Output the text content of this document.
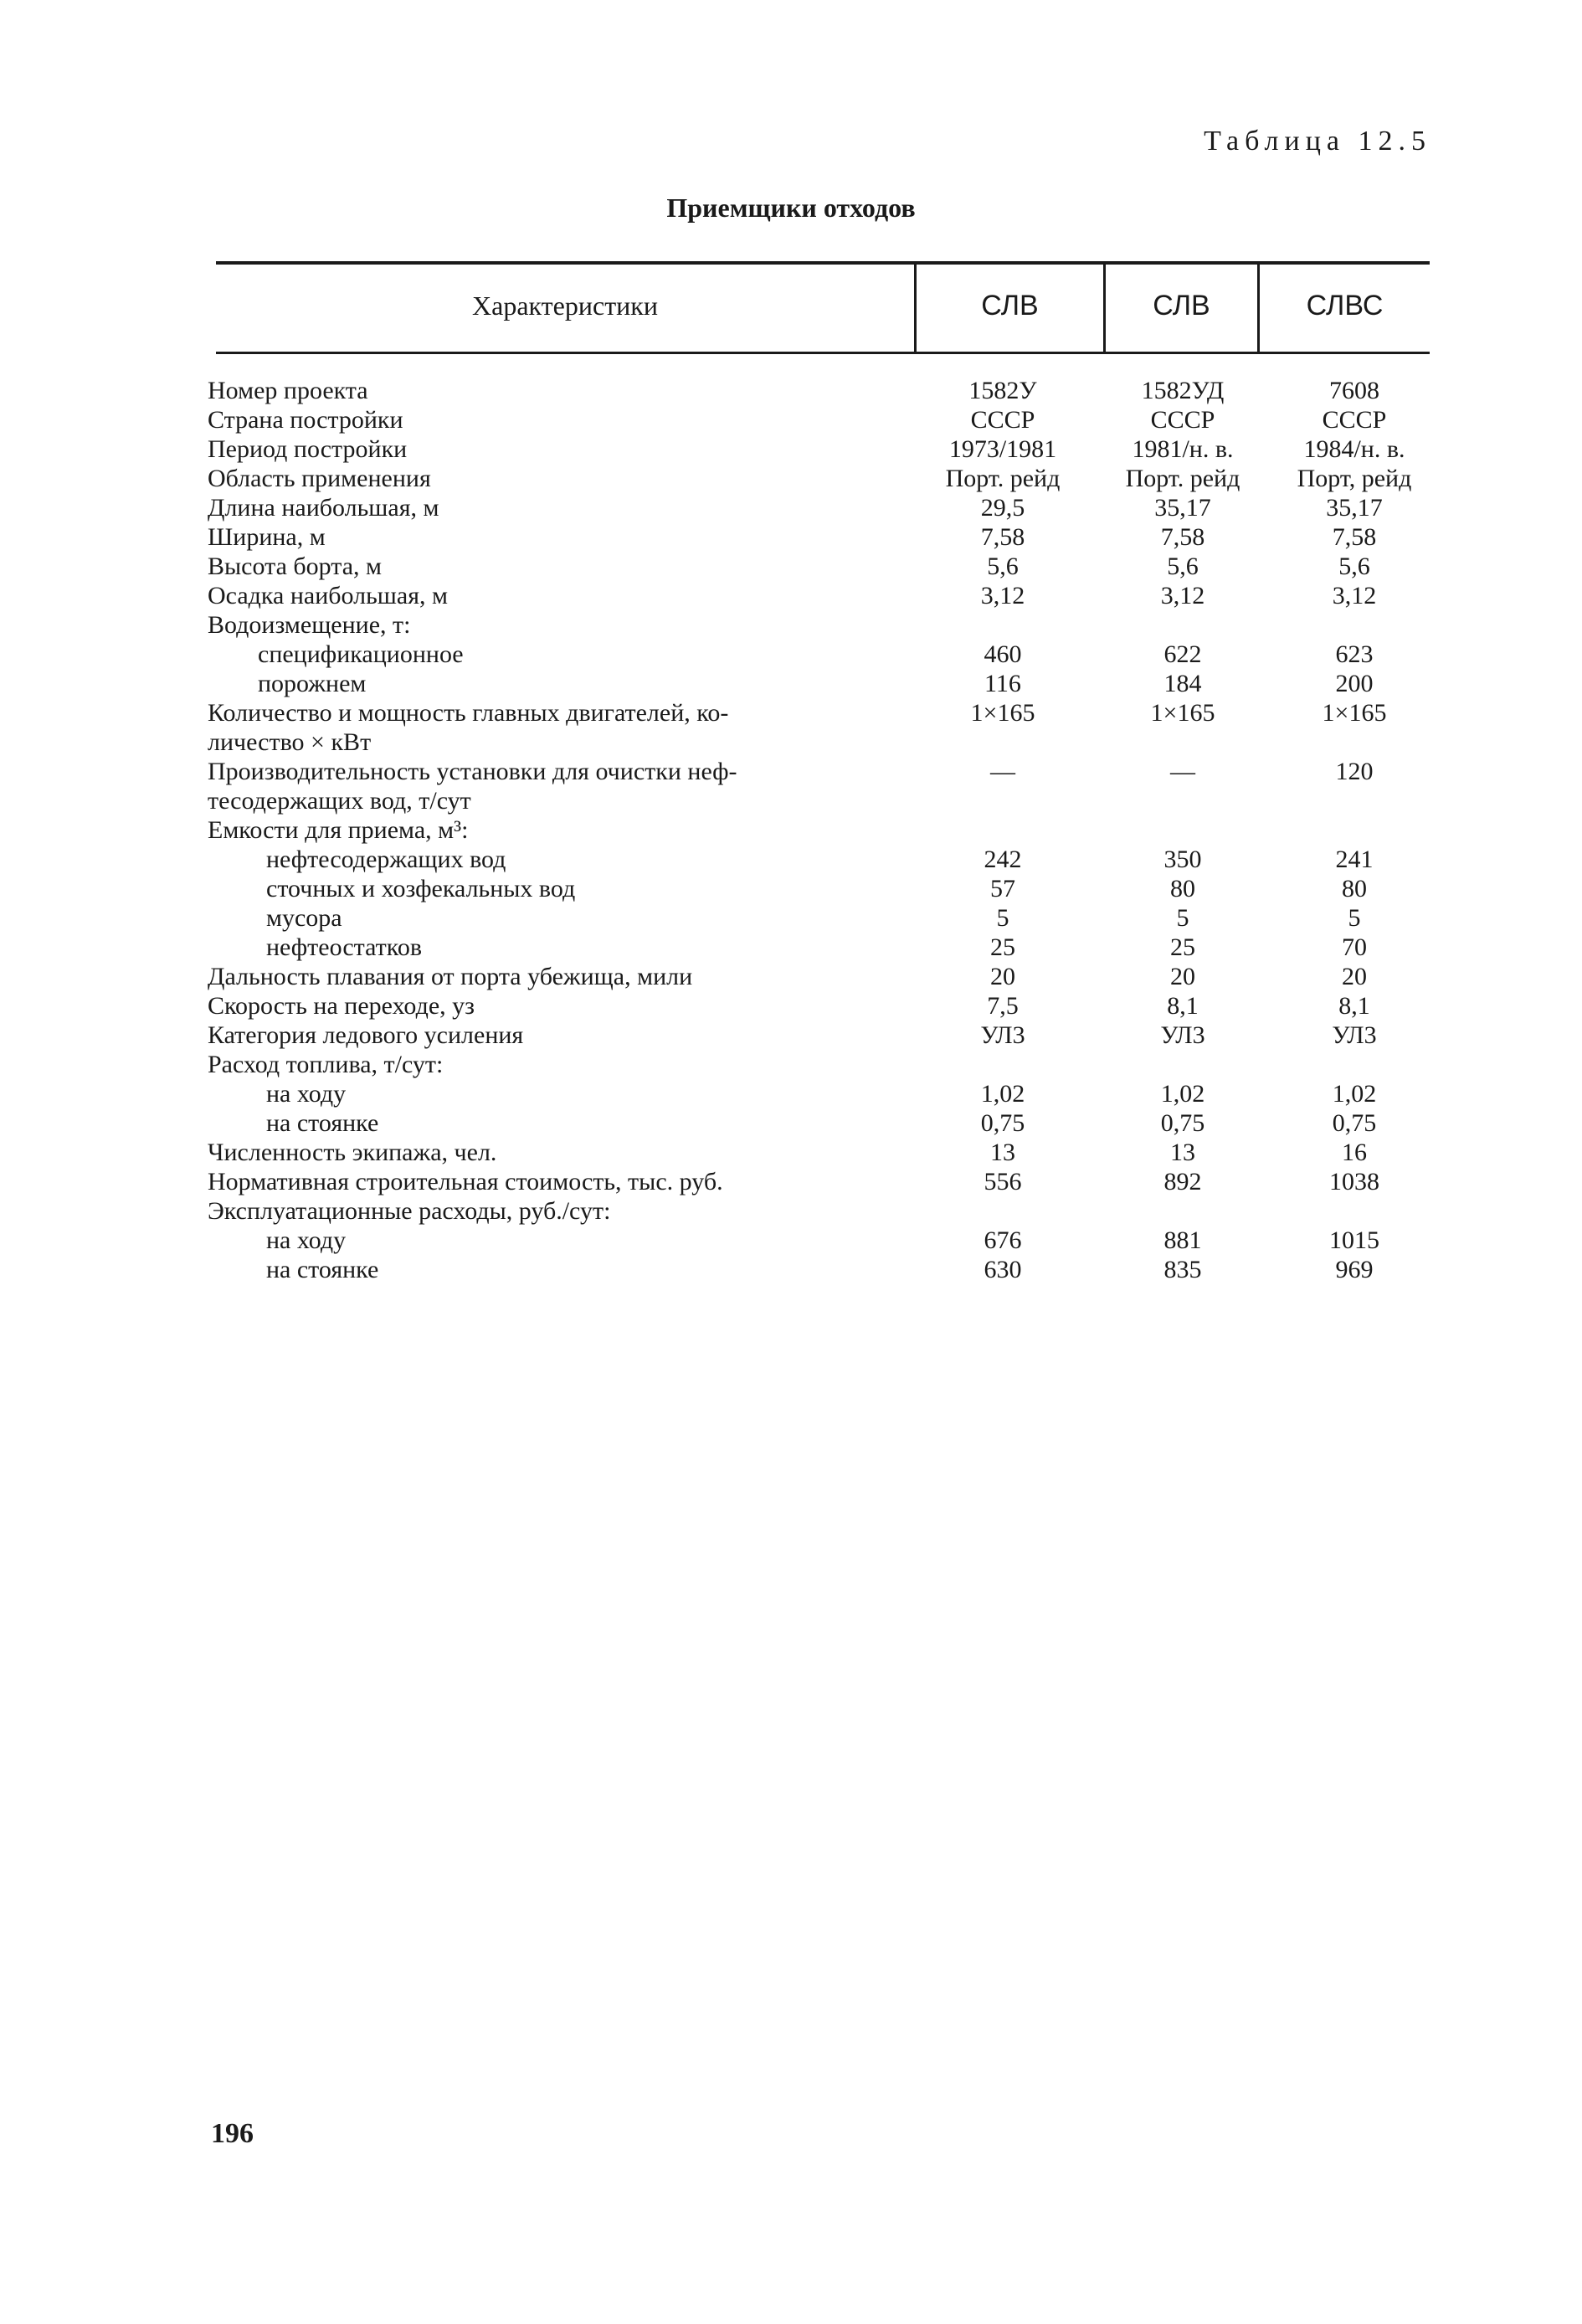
Таблица 12.5
Приемщики отходов
Характеристики	СЛВ	СЛВ	СЛВС
Номер проекта	1582У	1582УД	7608
Страна постройки	СССР	СССР	СССР
Период постройки	1973/1981	1981/н. в.	1984/н. в.
Область применения	Порт. рейд	Порт. рейд	Порт, рейд
Длина наибольшая, м	29,5	35,17	35,17
Ширина, м	7,58	7,58	7,58
Высота борта, м	5,6	5,6	5,6
Осадка наибольшая, м	3,12	3,12	3,12
Водоизмещение, т:
спецификационное	460	622	623
порожнем	116	184	200
Количество и мощность главных двигателей, ко-
личество × кВт
1×165	1×165	1×165
Производительность установки для очистки неф-
тесодержащих вод, т/сут
—	—	120
Емкости для приема, м³:
нефтесодержащих вод	242	350	241
сточных и хозфекальных вод	57	80	80
мусора	5	5	5
нефтеостатков	25	25	70
Дальность плавания от порта убежища, мили	20	20	20
Скорость на переходе, уз	7,5	8,1	8,1
Категория ледового усиления	УЛ3	УЛ3	УЛ3
Расход топлива, т/сут:
на ходу	1,02	1,02	1,02
на стоянке	0,75	0,75	0,75
Численность экипажа, чел.	13	13	16
Нормативная строительная стоимость, тыс. руб.	556	892	1038
Эксплуатационные расходы, руб./сут:
на ходу	676	881	1015
на стоянке	630	835	969
196
